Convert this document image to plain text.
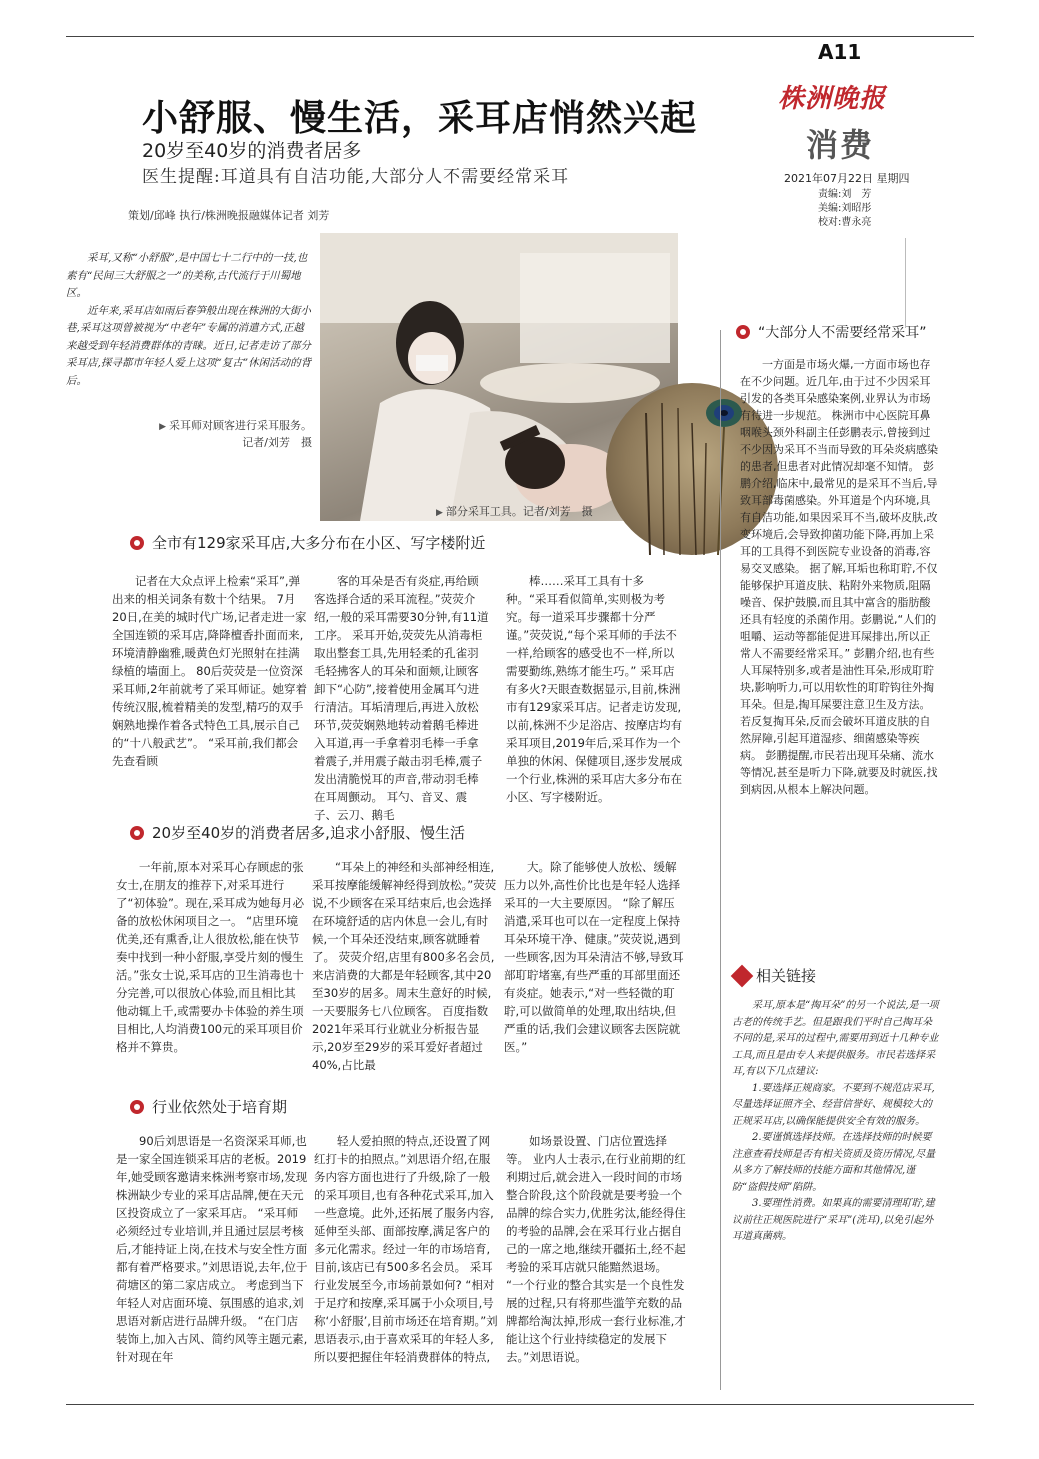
A11
株洲晚报
消费
2021年07月22日 星期四
责编:刘　芳
美编:刘昭彤
校对:曹永亮
小舒服、慢生活，采耳店悄然兴起
20岁至40岁的消费者居多
医生提醒:耳道具有自洁功能,大部分人不需要经常采耳
策划/邱峰 执行/株洲晚报融媒体记者 刘芳

采耳,又称“小舒服”,是中国七十二行中的一技,也素有“民间三大舒服之一”的美称,古代流行于川蜀地区。

近年来,采耳店如雨后春笋般出现在株洲的大街小巷,采耳这项曾被视为“中老年”专属的消遣方式,正越来越受到年轻消费群体的青睐。近日,记者走访了部分采耳店,探寻都市年轻人爱上这项“复古”休闲活动的背后。

▶ 采耳师对顾客进行采耳服务。
记者/刘芳　摄
▶ 部分采耳工具。记者/刘芳　摄
全市有129家采耳店,大多分布在小区、写字楼附近

记者在大众点评上检索“采耳”,弹出来的相关词条有数十个结果。 7月20日,在美的城时代广场,记者走进一家全国连锁的采耳店,降降檀香扑面而来,环境清静幽雅,暖黄色灯光照射在挂满绿植的墙面上。 80后荧荧是一位资深采耳师,2年前就考了采耳师证。她穿着传统汉服,梳着精美的发型,精巧的双手娴熟地操作着各式特色工具,展示自己的“十八般武艺”。 “采耳前,我们都会先查看顾

客的耳朵是否有炎症,再给顾客选择合适的采耳流程。”荧荧介绍,一般的采耳需要30分钟,有11道工序。 采耳开始,荧荧先从消毒柜取出整套工具,先用轻柔的孔雀羽毛轻拂客人的耳朵和面颊,让顾客卸下“心防”,接着使用金属耳勺进行清洁。耳垢清理后,再进入放松环节,荧荧娴熟地转动着鹅毛棒进入耳道,再一手拿着羽毛棒一手拿着震子,并用震子敲击羽毛棒,震子发出清脆悦耳的声音,带动羽毛棒在耳周颤动。 耳勺、音叉、震子、云刀、鹅毛

棒……采耳工具有十多种。“采耳看似简单,实则极为考究。每一道采耳步骤都十分严谨。”荧荧说,“每个采耳师的手法不一样,给顾客的感受也不一样,所以需要勤练,熟练才能生巧。” 采耳店有多火?天眼查数据显示,目前,株洲市有129家采耳店。记者走访发现,以前,株洲不少足浴店、按摩店均有采耳项目,2019年后,采耳作为一个单独的休闲、保健项目,逐步发展成一个行业,株洲的采耳店大多分布在小区、写字楼附近。

20岁至40岁的消费者居多,追求小舒服、慢生活

一年前,原本对采耳心存顾虑的张女士,在朋友的推荐下,对采耳进行了“初体验”。现在,采耳成为她每月必备的放松休闲项目之一。 “店里环境优美,还有熏香,让人很放松,能在快节奏中找到一种小舒服,享受片刻的慢生活。”张女士说,采耳店的卫生消毒也十分完善,可以很放心体验,而且相比其他动辄上千,或需要办卡体验的养生项目相比,人均消费100元的采耳项目价格并不算贵。

“耳朵上的神经和头部神经相连,采耳按摩能缓解神经得到放松。”荧荧说,不少顾客在采耳结束后,也会选择在环境舒适的店内休息一会儿,有时候,一个耳朵还没结束,顾客就睡着了。 荧荧介绍,店里有800多名会员,来店消费的大都是年轻顾客,其中20至30岁的居多。周末生意好的时候,一天要服务七八位顾客。 百度指数2021年采耳行业就业分析报告显示,20岁至29岁的采耳爱好者超过40%,占比最

大。除了能够使人放松、缓解压力以外,高性价比也是年轻人选择采耳的一大主要原因。 “除了解压消遣,采耳也可以在一定程度上保持耳朵环境干净、健康。”荧荧说,遇到一些顾客,因为耳朵清洁不够,导致耳部耵聍堵塞,有些严重的耳部里面还有炎症。她表示,“对一些轻微的耵聍,可以做简单的处理,取出结块,但严重的话,我们会建议顾客去医院就医。”

行业依然处于培育期

90后刘思语是一名资深采耳师,也是一家全国连锁采耳店的老板。2019年,她受顾客邀请来株洲考察市场,发现株洲缺少专业的采耳店品牌,便在天元区投资成立了一家采耳店。 “采耳师必须经过专业培训,并且通过层层考核后,才能持证上岗,在技术与安全性方面都有着严格要求。”刘思语说,去年,位于荷塘区的第二家店成立。 考虑到当下年轻人对店面环境、氛围感的追求,刘思语对新店进行品牌升级。 “在门店装饰上,加入古风、简约风等主题元素,针对现在年

轻人爱拍照的特点,还设置了网红打卡的拍照点。”刘思语介绍,在服务内容方面也进行了升级,除了一般的采耳项目,也有各种花式采耳,加入一些意境。此外,还拓展了服务内容,延伸至头部、面部按摩,满足客户的多元化需求。经过一年的市场培育,目前,该店已有500多名会员。 采耳行业发展至今,市场前景如何? “相对于足疗和按摩,采耳属于小众项目,号称‘小舒服’,目前市场还在培育期。”刘思语表示,由于喜欢采耳的年轻人多,所以要把握住年轻消费群体的特点,

如场景设置、门店位置选择等。 业内人士表示,在行业前期的红利期过后,就会进入一段时间的市场整合阶段,这个阶段就是要考验一个品牌的综合实力,优胜劣汰,能经得住的考验的品牌,会在采耳行业占据自己的一席之地,继续开疆拓土,经不起考验的采耳店就只能黯然退场。 “一个行业的整合其实是一个良性发展的过程,只有将那些滥竽充数的品牌都给淘汰掉,形成一套行业标准,才能让这个行业持续稳定的发展下去。”刘思语说。

“大部分人不需要经常采耳”

一方面是市场火爆,一方面市场也存在不少问题。近几年,由于过不少因采耳引发的各类耳朵感染案例,业界认为市场有待进一步规范。 株洲市中心医院耳鼻咽喉头颈外科副主任彭鹏表示,曾接到过不少因为采耳不当而导致的耳朵炎病感染的患者,但患者对此情况却毫不知情。 彭鹏介绍,临床中,最常见的是采耳不当后,导致耳部毒菌感染。外耳道是个内环境,具有自洁功能,如果因采耳不当,破坏皮肤,改变环境后,会导致抑菌功能下降,再加上采耳的工具得不到医院专业设备的消毒,容易交叉感染。 据了解,耳垢也称耵聍,不仅能够保护耳道皮肤、粘附外来物质,阻隔噪音、保护鼓膜,而且其中富含的脂肪酸还具有轻度的杀菌作用。彭鹏说,“人们的咀嚼、运动等都能促进耳屎排出,所以正常人不需要经常采耳。” 彭鹏介绍,也有些人耳屎特别多,或者是油性耳朵,形成耵聍块,影响听力,可以用软性的耵聍钩往外掏耳朵。但是,掏耳屎要注意卫生及方法。若反复掏耳朵,反而会破坏耳道皮肤的自然屏障,引起耳道湿疹、细菌感染等疾病。 彭鹏提醒,市民若出现耳朵痛、流水等情况,甚至是听力下降,就要及时就医,找到病因,从根本上解决问题。

相关链接

采耳,原本是“掏耳朵”的另一个说法,是一项古老的传统手艺。但是跟我们平时自己掏耳朵不同的是,采耳的过程中,需要用到近十几种专业工具,而且是由专人来提供服务。市民若选择采耳,有以下几点建议:

1.要选择正规商家。不要到不规范店采耳,尽量选择证照齐全、经营信誉好、规模较大的正规采耳店,以确保能提供安全有效的服务。

2.要谨慎选择技师。在选择技师的时候要注意查看技师是否有相关资质及资历情况,尽量从多方了解技师的技能方面和其他情况,谨防“盗假技师”陷阱。

3.要理性消费。如果真的需要清理耵聍,建议前往正规医院进行“采耳”(洗耳),以免引起外耳道真菌病。
